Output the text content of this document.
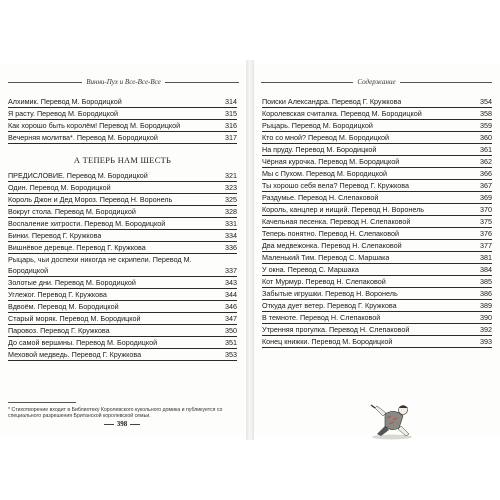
Винни-Пух и Все-Все-Все	Содержание
Алхимик. Перевод М. Бородицкой	314
Я расту. Перевод М. Бородицкой	315
Как хорошо быть королём! Перевод М. Бородицкой	316
Вечерняя молитва*. Перевод М. Бородицкой	317
А ТЕПЕРЬ НАМ ШЕСТЬ
ПРЕДИСЛОВИЕ. Перевод М. Бородицкой	321
Один. Перевод М. Бородицкой	323
Король Джон и Дед Мороз. Перевод Н. Воронель	325
Вокруг стола. Перевод М. Бородицкой	328
Воспаление хитрости. Перевод М. Бородицкой	331
Бинки. Перевод Г. Кружкова	334
Вишнёвое деревце. Перевод Г. Кружкова	336
Рыцарь, чьи доспехи никогда не скрипели. Перевод М. Бородицкой	337
Золотые дни. Перевод М. Бородицкой	343
Углежог. Перевод Г. Кружкова	344
Вдвоём. Перевод М. Бородицкой	346
Старый моряк. Перевод М. Бородицкой	347
Паровоз. Перевод Г. Кружкова	350
До самой вершины. Перевод М. Бородицкой	351
Меховой медведь. Перевод Г. Кружкова	353
Поиски Александра. Перевод Г. Кружкова	354
Королевская считалка. Перевод М. Бородицкой	358
Рыцарь. Перевод М. Бородицкой	359
Кто со мной? Перевод М. Бородицкой	360
На пруду. Перевод М. Бородицкой	361
Чёрная курочка. Перевод М. Бородицкой	362
Мы с Пухом. Перевод М. Бородицкой	366
Ты хорошо себя вела? Перевод Г. Кружкова	367
Раздумье. Перевод Н. Слепаковой	369
Король, канцлер и нищий. Перевод Н. Воронель	370
Качельная песенка. Перевод Н. Слепаковой	375
Теперь понятно. Перевод Н. Слепаковой	376
Два медвежонка. Перевод Н. Слепаковой	377
Маленький Тим. Перевод С. Маршака	381
У окна. Перевод С. Маршака	384
Кот Мурмур. Перевод Н. Слепаковой	385
Забытые игрушки. Перевод Н. Воронель	386
Откуда дует ветер. Перевод Г. Кружкова	389
В темноте. Перевод Н. Слепаковой	390
Утренняя прогулка. Перевод Н. Слепаковой	392
Конец книжки. Перевод М. Бородицкой	393
* Стихотворение входит в Библиотеку Королевского кукольного домика и публикуется со специального разрешения Британской королевской семьи.
398
